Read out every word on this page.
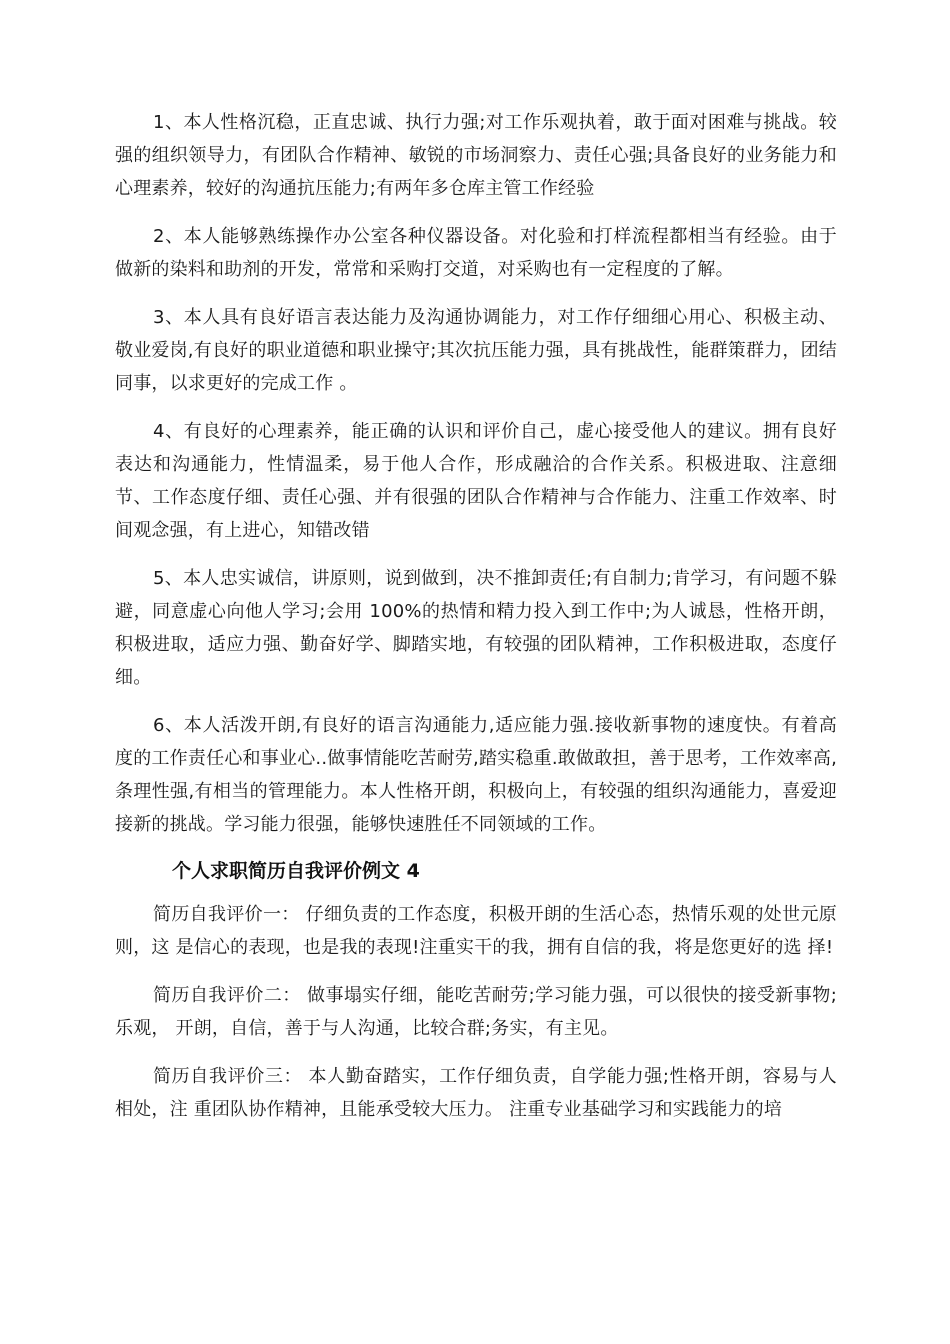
1、本人性格沉稳，正直忠诚、执行力强;对工作乐观执着，敢于面对困难与挑战。较强的组织领导力，有团队合作精神、敏锐的市场洞察力、责任心强;具备良好的业务能力和心理素养，较好的沟通抗压能力;有两年多仓库主管工作经验

2、本人能够熟练操作办公室各种仪器设备。对化验和打样流程都相当有经验。由于做新的染料和助剂的开发，常常和采购打交道，对采购也有一定程度的了解。

3、本人具有良好语言表达能力及沟通协调能力，对工作仔细细心用心、积极主动、敬业爱岗,有良好的职业道德和职业操守;其次抗压能力强，具有挑战性，能群策群力，团结同事，以求更好的完成工作 。

4、有良好的心理素养，能正确的认识和评价自己，虚心接受他人的建议。拥有良好表达和沟通能力，性情温柔，易于他人合作，形成融洽的合作关系。积极进取、注意细节、工作态度仔细、责任心强、并有很强的团队合作精神与合作能力、注重工作效率、时间观念强，有上进心，知错改错

5、本人忠实诚信，讲原则，说到做到，决不推卸责任;有自制力;肯学习，有问题不躲避，同意虚心向他人学习;会用 100%的热情和精力投入到工作中;为人诚恳，性格开朗，积极进取，适应力强、勤奋好学、脚踏实地，有较强的团队精神，工作积极进取，态度仔细。

6、本人活泼开朗,有良好的语言沟通能力,适应能力强.接收新事物的速度快。有着高度的工作责任心和事业心..做事情能吃苦耐劳,踏实稳重.敢做敢担，善于思考，工作效率高,条理性强,有相当的管理能力。本人性格开朗，积极向上，有较强的组织沟通能力，喜爱迎接新的挑战。学习能力很强，能够快速胜任不同领域的工作。

个人求职简历自我评价例文 4

简历自我评价一： 仔细负责的工作态度，积极开朗的生活心态，热情乐观的处世元原则，这 是信心的表现，也是我的表现!注重实干的我，拥有自信的我，将是您更好的选 择!

简历自我评价二： 做事塌实仔细，能吃苦耐劳;学习能力强，可以很快的接受新事物;乐观， 开朗，自信，善于与人沟通，比较合群;务实，有主见。

简历自我评价三： 本人勤奋踏实，工作仔细负责，自学能力强;性格开朗，容易与人相处，注 重团队协作精神，且能承受较大压力。 注重专业基础学习和实践能力的培
